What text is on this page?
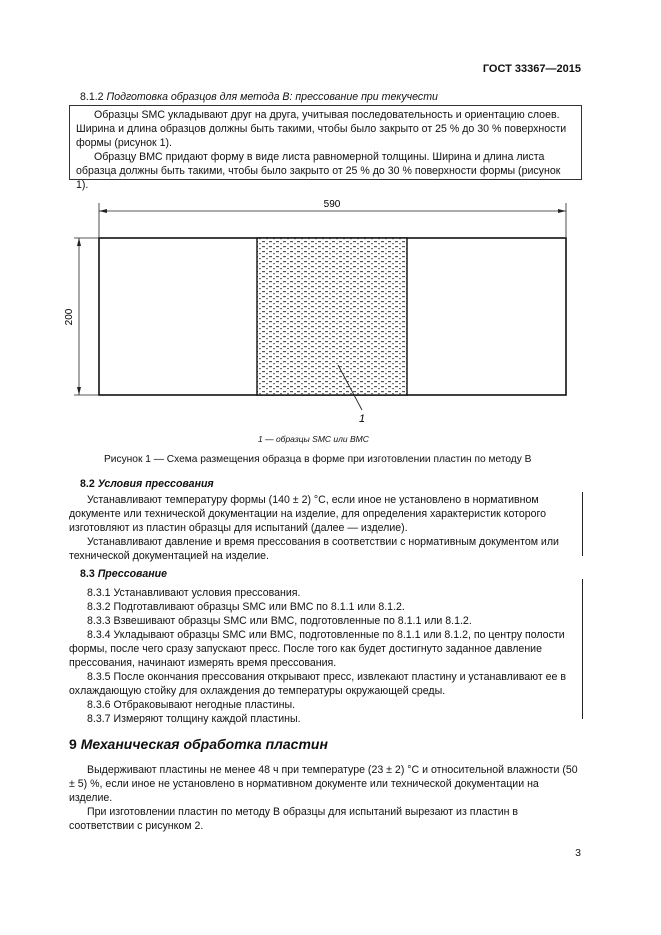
ГОСТ 33367—2015
8.1.2 Подготовка образцов для метода В: прессование при текучести

Образцы SMC укладывают друг на друга, учитывая последовательность и ориентацию слоев. Ширина и длина образцов должны быть такими, чтобы было закрыто от 25 % до 30 % поверхности формы (рисунок 1).

Образцу ВМС придают форму в виде листа равномерной толщины. Ширина и длина листа образца должны быть такими, чтобы было закрыто от 25 % до 30 % поверхности формы (рисунок 1).

590
200
1
1 — образцы SMC или BMC
Рисунок 1 — Схема размещения образца в форме при изготовлении пластин по методу В

8.2 Условия прессования

Устанавливают температуру формы (140 ± 2) °С, если иное не установлено в нормативном документе или технической документации на изделие, для определения характеристик которого изготовляют из пластин образцы для испытаний (далее — изделие).

Устанавливают давление и время прессования в соответствии с нормативным документом или технической документацией на изделие.

8.3 Прессование

8.3.1 Устанавливают условия прессования.

8.3.2 Подготавливают образцы SMC или ВМС по 8.1.1 или 8.1.2.

8.3.3 Взвешивают образцы SMC или ВМС, подготовленные по 8.1.1 или 8.1.2.

8.3.4 Укладывают образцы SMC или ВМС, подготовленные по 8.1.1 или 8.1.2, по центру полости формы, после чего сразу запускают пресс. После того как будет достигнуто заданное давление прессования, начинают измерять время прессования.

8.3.5 После окончания прессования открывают пресс, извлекают пластину и устанавливают ее в охлаждающую стойку для охлаждения до температуры окружающей среды.

8.3.6 Отбраковывают негодные пластины.

8.3.7 Измеряют толщину каждой пластины.

9 Механическая обработка пластин

Выдерживают пластины не менее 48 ч при температуре (23 ± 2) °С и относительной влажности (50 ± 5) %, если иное не установлено в нормативном документе или технической документации на изделие.

При изготовлении пластин по методу В образцы для испытаний вырезают из пластин в соответствии с рисунком 2.

3
